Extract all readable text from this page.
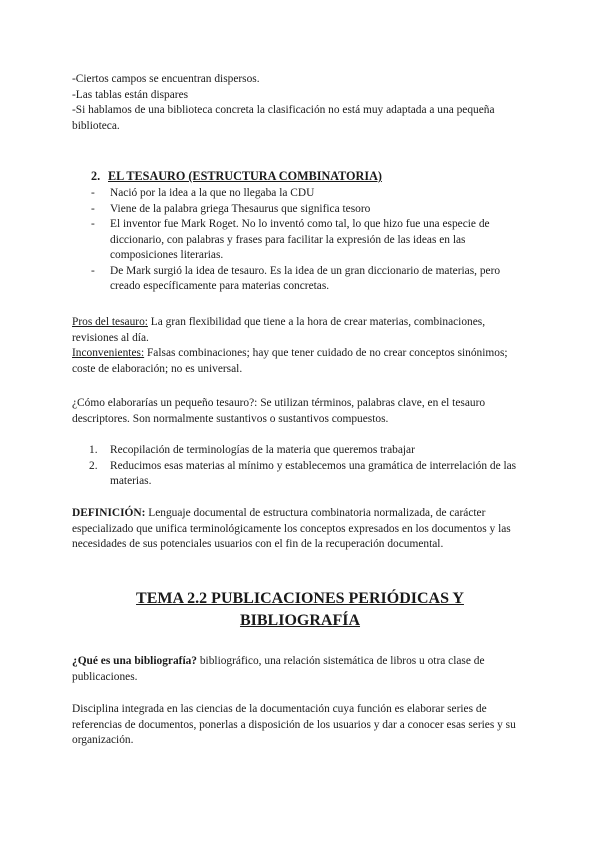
-Ciertos campos se encuentran dispersos.

-Las tablas están dispares

-Si hablamos de una biblioteca concreta la clasificación no está muy adaptada a una pequeña biblioteca.

2. EL TESAURO (ESTRUCTURA COMBINATORIA)

- Nació por la idea a la que no llegaba la CDU
- Viene de la palabra griega Thesaurus que significa tesoro
- El inventor fue Mark Roget. No lo inventó como tal, lo que hizo fue una especie de diccionario, con palabras y frases para facilitar la expresión de las ideas en las composiciones literarias.
- De Mark surgió la idea de tesauro. Es la idea de un gran diccionario de materias, pero creado específicamente para materias concretas.

Pros del tesauro: La gran flexibilidad que tiene a la hora de crear materias, combinaciones, revisiones al día.

Inconvenientes: Falsas combinaciones; hay que tener cuidado de no crear conceptos sinónimos; coste de elaboración; no es universal.

¿Cómo elaborarías un pequeño tesauro?: Se utilizan términos, palabras clave, en el tesauro descriptores. Son normalmente sustantivos o sustantivos compuestos.

1. Recopilación de terminologías de la materia que queremos trabajar
2. Reducimos esas materias al mínimo y establecemos una gramática de interrelación de las materias.

DEFINICIÓN: Lenguaje documental de estructura combinatoria normalizada, de carácter especializado que unifica terminológicamente los conceptos expresados en los documentos y las necesidades de sus potenciales usuarios con el fin de la recuperación documental.

TEMA 2.2 PUBLICACIONES PERIÓDICAS Y
BIBLIOGRAFÍA

¿Qué es una bibliografía? bibliográfico, una relación sistemática de libros u otra clase de publicaciones.

Disciplina integrada en las ciencias de la documentación cuya función es elaborar series de referencias de documentos, ponerlas a disposición de los usuarios y dar a conocer esas series y su organización.
